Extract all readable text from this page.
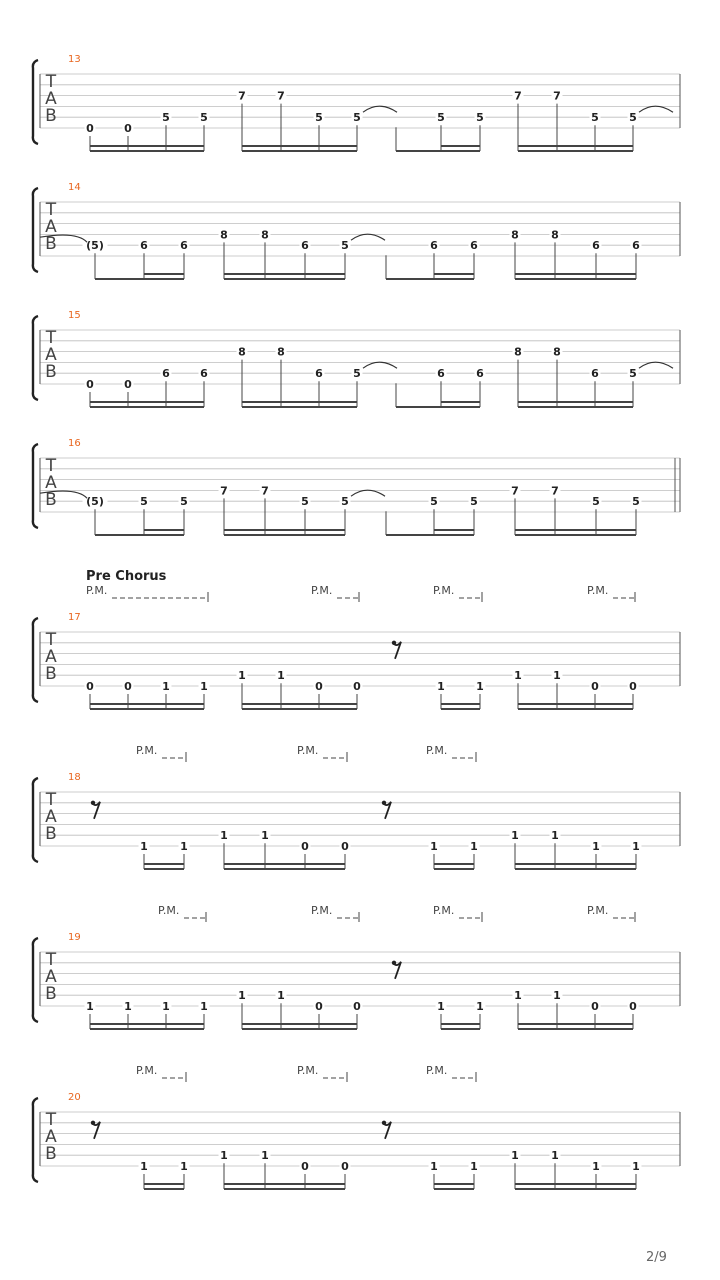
13
T
A
B
0	0
5	5
7	7
5	5	5	5
7	7
5	5
14
T
A
B	(5)	6	6
8	8
6	5	6	6
8	8
6	6
15
T
A
B
0	0
6	6
8	8
6	5	6	6
8	8
6	5
16
T
A
B	(5)	5	5
7	7
5	5	5	5
7	7
5	5
17
T
A
B
0	0	1	1
1	1
0	0	1	1
1	1
0	0
Pre Chorus
P.M.	P.M.	P.M.	P.M.
18
T
A
B
1	1
1	1
0	0	1	1
1	1
1	1
P.M.	P.M.	P.M.
19
T
A
B
1	1	1	1
1	1
0	0	1	1
1	1
0	0
P.M.	P.M.	P.M.	P.M.
20
T
A
B
1	1
1	1
0	0	1	1
1	1
1	1
P.M.	P.M.	P.M.
2/9
